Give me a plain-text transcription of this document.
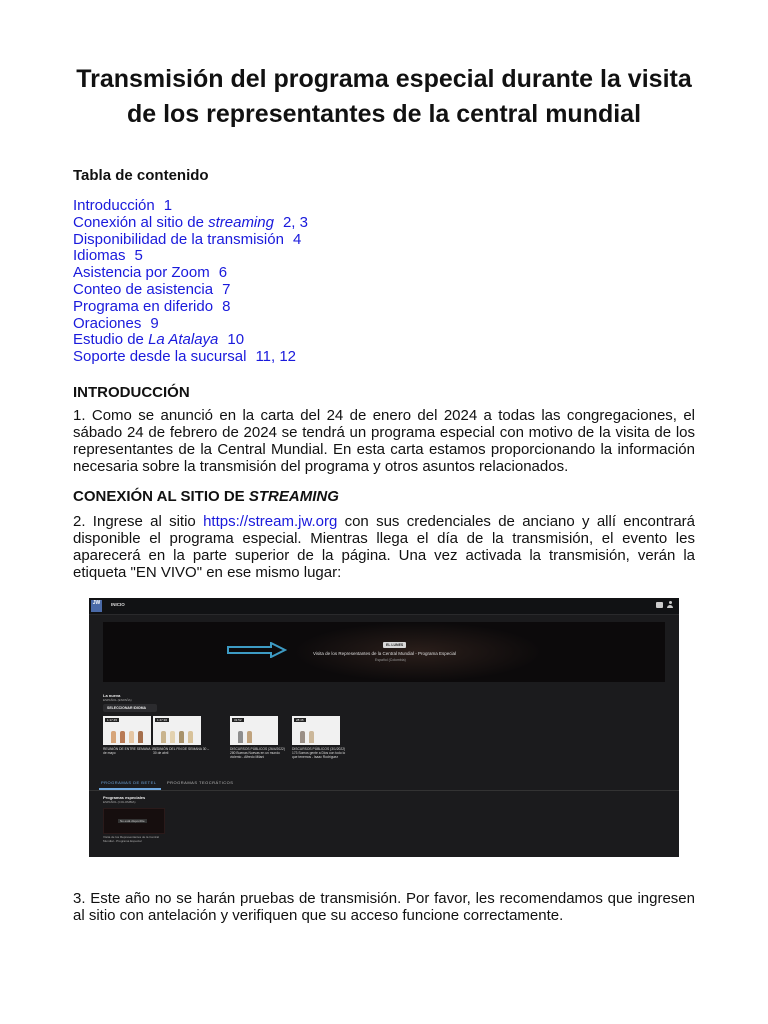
Transmisión del programa especial durante la visita de los representantes de la central mundial
Tabla de contenido
Introducción 1
Conexión al sitio de streaming 2, 3
Disponibilidad de la transmisión 4
Idiomas 5
Asistencia por Zoom 6
Conteo de asistencia 7
Programa en diferido 8
Oraciones 9
Estudio de La Atalaya 10
Soporte desde la sucursal 11, 12
INTRODUCCIÓN
1. Como se anunció en la carta del 24 de enero del 2024 a todas las congregaciones, el sábado 24 de febrero de 2024 se tendrá un programa especial con motivo de la visita de los representantes de la Central Mundial. En esta carta estamos proporcionando la información necesaria sobre la transmisión del programa y otros asuntos relacionados.
CONEXIÓN AL SITIO DE STREAMING
2. Ingrese al sitio https://stream.jw.org con sus credenciales de anciano y allí encontrará disponible el programa especial. Mientras llega el día de la transmisión, el evento les aparecerá en la parte superior de la página. Una vez activada la transmisión, verán la etiqueta "EN VIVO" en ese mismo lugar:
3. Este año no se harán pruebas de transmisión. Por favor, les recomendamos que ingresen al sitio con antelación y verifiquen que su acceso funcione correctamente.
JW	INICIO
EL LUNES
Visita de los Representantes de la Central Mundial - Programa Especial
Español (Colombia)
La nueva
ESPAÑOL (ESPAÑA)
SELECCIONAR IDIOMA
1:17:45
REUNIÓN DE ENTRE SEMANA 1 – 7 de mayo
1:47:36
REUNIÓN DEL FIN DE SEMANA 30 – 30 de abril
31:52
DISCURSOS PÚBLICOS (26/4/2022) 280 Buenas Nuevas en un mundo violento - Alfredo Milani
28:46
DISCURSOS PÚBLICOS (3/1/2022) 173 Somos gente a Dios con todo lo que tenemos - Isaac Rodríguez
PROGRAMAS DE BETEL	PROGRAMAS TEOCRÁTICOS
Programas especiales
ESPAÑOL (COLOMBIA)
No está disponible
Visita de los Representantes de la Central Mundial - Programa Especial
